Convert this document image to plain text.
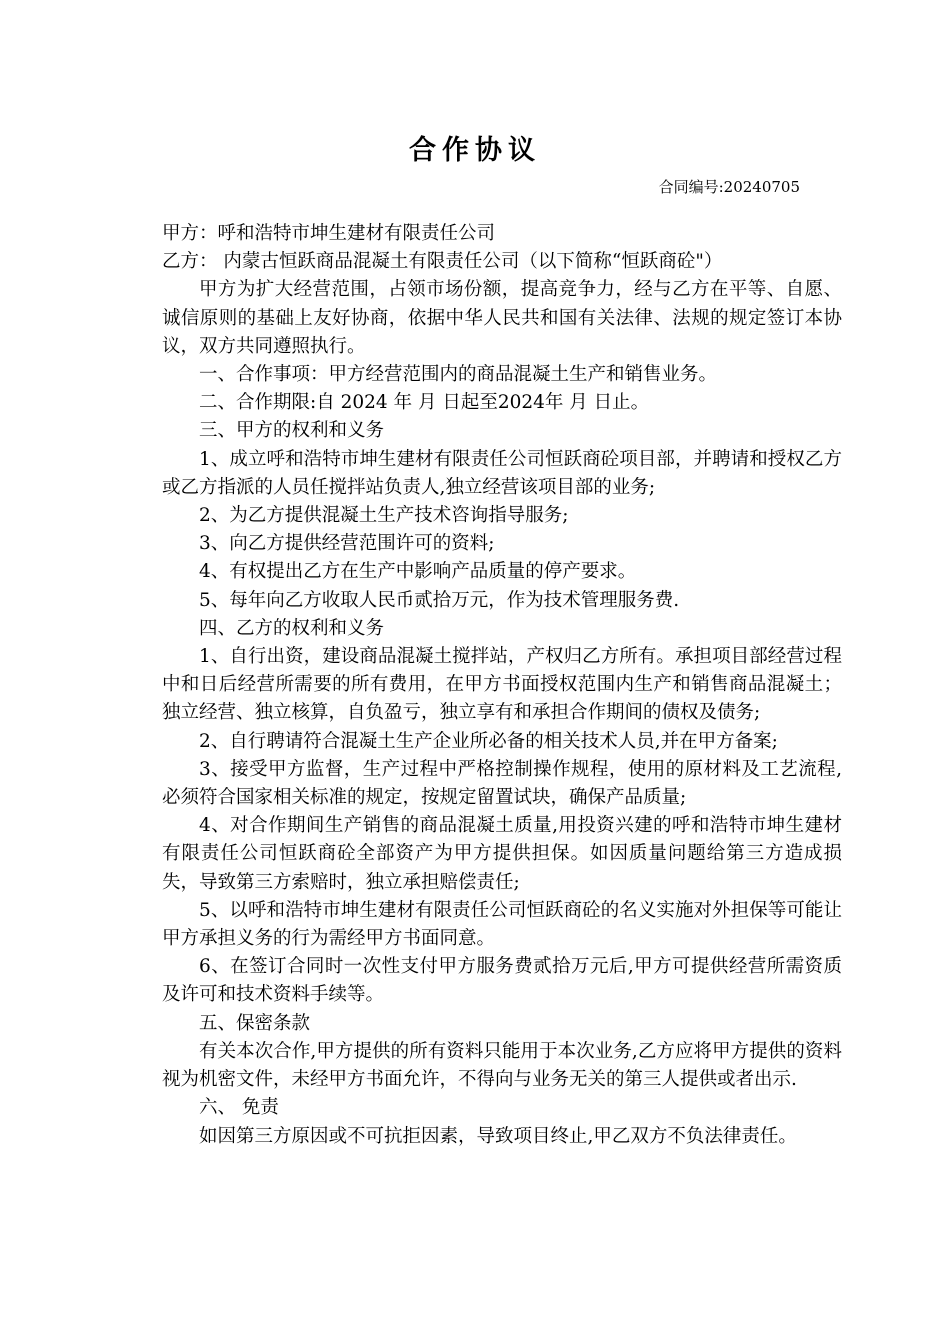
合作协议

合同编号:20240705

甲方：呼和浩特市坤生建材有限责任公司

乙方： 内蒙古恒跃商品混凝土有限责任公司（以下简称“恒跃商砼"）

甲方为扩大经营范围，占领市场份额，提高竞争力，经与乙方在平等、自愿、诚信原则的基础上友好协商，依据中华人民共和国有关法律、法规的规定签订本协议，双方共同遵照执行。

一、合作事项：甲方经营范围内的商品混凝土生产和销售业务。

二、合作期限:自 2024 年 月 日起至2024年 月 日止。

三、甲方的权利和义务

1、成立呼和浩特市坤生建材有限责任公司恒跃商砼项目部，并聘请和授权乙方或乙方指派的人员任搅拌站负责人,独立经营该项目部的业务;

2、为乙方提供混凝土生产技术咨询指导服务;

3、向乙方提供经营范围许可的资料;

4、有权提出乙方在生产中影响产品质量的停产要求。

5、每年向乙方收取人民币贰拾万元，作为技术管理服务费.

四、乙方的权利和义务

1、自行出资，建设商品混凝土搅拌站，产权归乙方所有。承担项目部经营过程中和日后经营所需要的所有费用，在甲方书面授权范围内生产和销售商品混凝土；独立经营、独立核算，自负盈亏，独立享有和承担合作期间的债权及债务;

2、自行聘请符合混凝土生产企业所必备的相关技术人员,并在甲方备案;

3、接受甲方监督，生产过程中严格控制操作规程，使用的原材料及工艺流程,必须符合国家相关标准的规定，按规定留置试块，确保产品质量;

4、对合作期间生产销售的商品混凝土质量,用投资兴建的呼和浩特市坤生建材有限责任公司恒跃商砼全部资产为甲方提供担保。如因质量问题给第三方造成损失，导致第三方索赔时，独立承担赔偿责任;

5、以呼和浩特市坤生建材有限责任公司恒跃商砼的名义实施对外担保等可能让甲方承担义务的行为需经甲方书面同意。

6、在签订合同时一次性支付甲方服务费贰拾万元后,甲方可提供经营所需资质及许可和技术资料手续等。

五、保密条款

有关本次合作,甲方提供的所有资料只能用于本次业务,乙方应将甲方提供的资料视为机密文件，未经甲方书面允许，不得向与业务无关的第三人提供或者出示.

六、 免责

如因第三方原因或不可抗拒因素，导致项目终止,甲乙双方不负法律责任。
